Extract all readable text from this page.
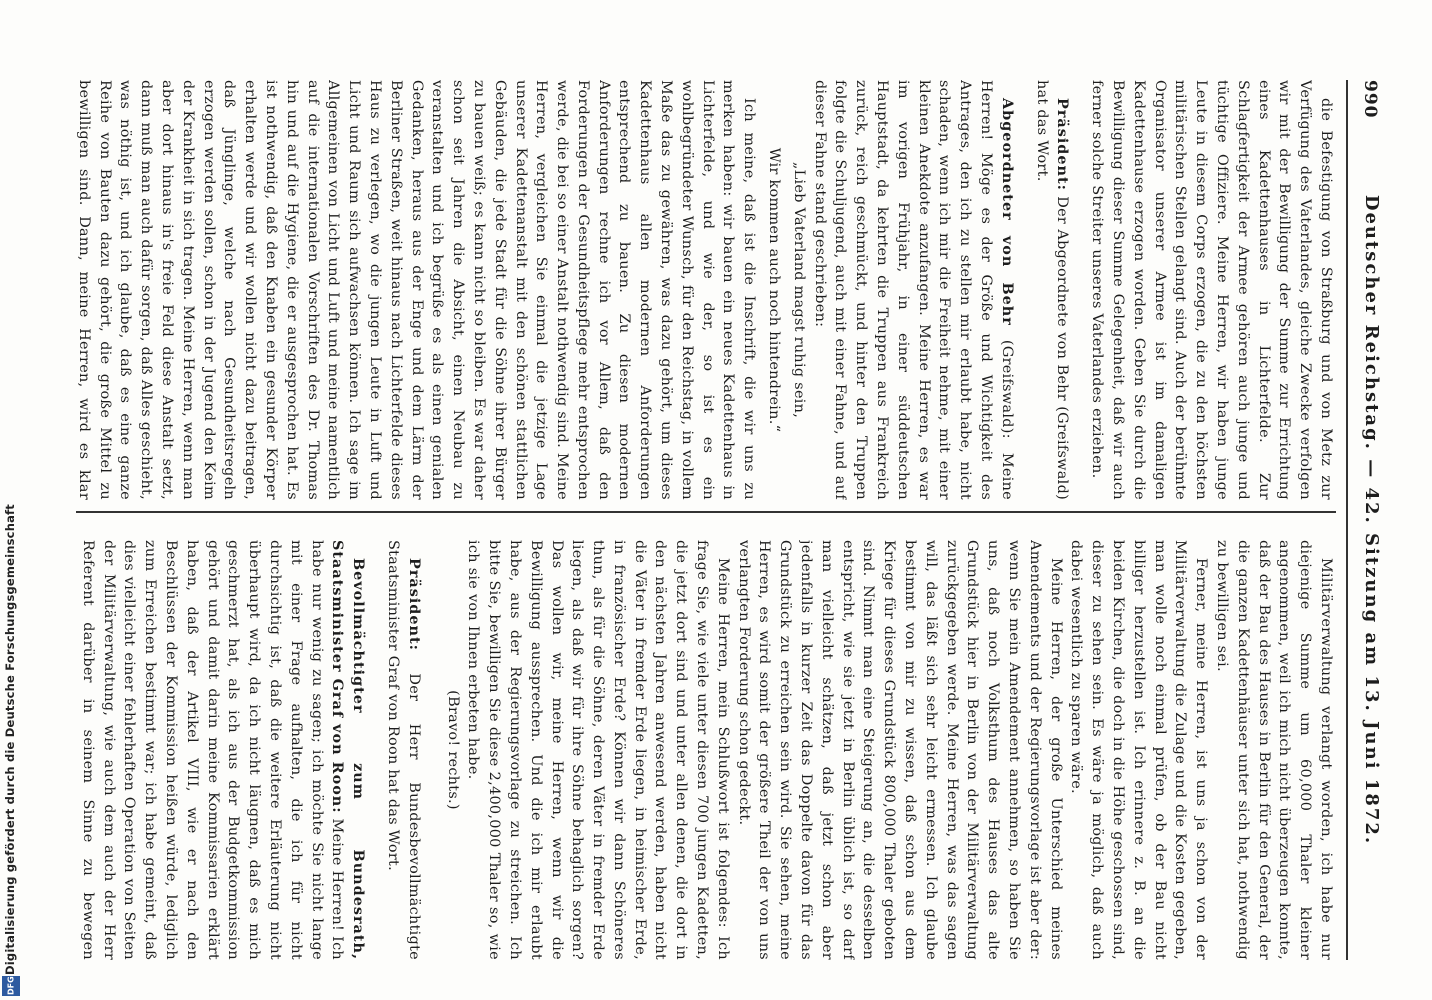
990
Deutscher Reichstag. — 42. Sitzung am 13. Juni 1872.

die Befestigung von Straßburg und von Metz zur Verfügung des Vaterlandes, gleiche Zwecke verfolgen wir mit der Bewilligung der Summe zur Errichtung eines Kadettenhauses in Lichterfelde. Zur Schlagfertigkeit der Armee gehören auch junge und tüchtige Offiziere. Meine Herren, wir haben junge Leute in diesem Corps erzogen, die zu den höchsten militärischen Stellen gelangt sind. Auch der berühmte Organisator unserer Armee ist im damaligen Kadettenhause erzogen worden. Geben Sie durch die Bewilligung dieser Summe Gelegenheit, daß wir auch ferner solche Streiter unseres Vaterlandes erziehen.

Präsident: Der Abgeordnete von Behr (Greifswald) hat das Wort.

Abgeordneter von Behr (Greifswald): Meine Herren! Möge es der Größe und Wichtigkeit des Antrages, den ich zu stellen mir erlaubt habe, nicht schaden, wenn ich mir die Freiheit nehme, mit einer kleinen Anekdote anzufangen. Meine Herren, es war im vorigen Frühjahr, in einer süddeutschen Hauptstadt, da kehrten die Truppen aus Frankreich zurück, reich geschmückt, und hinter den Truppen folgte die Schuljugend, auch mit einer Fahne, und auf dieser Fahne stand geschrieben:

„Lieb Vaterland magst ruhig sein,

Wir kommen auch noch hintendrein.“

Ich meine, daß ist die Inschrift, die wir uns zu merken haben: wir bauen ein neues Kadettenhaus in Lichterfelde, und wie der, so ist es ein wohlbegründeter Wunsch, für den Reichstag, in vollem Maße das zu gewähren, was dazu gehört, um dieses Kadettenhaus allen modernen Anforderungen entsprechend zu bauen. Zu diesen modernen Anforderungen rechne ich vor Allem, daß den Forderungen der Gesundheitspflege mehr entsprochen werde, die bei so einer Anstalt nothwendig sind. Meine Herren, vergleichen Sie einmal die jetzige Lage unserer Kadettenanstalt mit den schönen stattlichen Gebäuden, die jede Stadt für die Söhne ihrer Bürger zu bauen weiß; es kann nicht so bleiben. Es war daher schon seit Jahren die Absicht, einen Neubau zu veranstalten und ich begrüße es als einen genialen Gedanken, heraus aus der Enge und dem Lärm der Berliner Straßen, weit hinaus nach Lichterfelde dieses Haus zu verlegen, wo die jungen Leute in Luft und Licht und Raum sich aufwachsen können. Ich sage im Allgemeinen von Licht und Luft und meine namentlich auf die internationalen Vorschriften des Dr. Thomas hin und auf die Hygiene, die er ausgesprochen hat. Es ist nothwendig, daß den Knaben ein gesunder Körper erhalten werde und wir wollen nicht dazu beitragen, daß Jünglinge, welche nach Gesundheitsregeln erzogen werden sollen, schon in der Jugend den Keim der Krankheit in sich tragen. Meine Herren, wenn man aber dort hinaus in's freie Feld diese Anstalt setzt, dann muß man auch dafür sorgen, daß Alles geschieht, was nöthig ist, und ich glaube, daß es eine ganze Reihe von Bauten dazu gehört, die große Mittel zu bewilligen sind. Dann, meine Herren, wird es klar

Militärverwaltung verlangt worden, ich habe nur diejenige Summe um 60,000 Thaler kleiner angenommen, weil ich mich nicht überzeugen konnte, daß der Bau des Hauses in Berlin für den General, der die ganzen Kadettenhäuser unter sich hat, nothwendig zu bewilligen sei.

Ferner, meine Herren, ist uns ja schon von der Militärverwaltung die Zulage und die Kosten gegeben, man wolle noch einmal prüfen, ob der Bau nicht billiger herzustellen ist. Ich erinnere z. B. an die beiden Kirchen, die doch in die Höhe geschossen sind, dieser zu sehen sein. Es wäre ja möglich, daß auch dabei wesentlich zu sparen wäre.

Meine Herren, der große Unterschied meines Amendements und der Regierungsvorlage ist aber der: wenn Sie mein Amendement annehmen, so haben Sie uns, daß noch Volksthum des Hauses das alte Grundstück hier in Berlin von der Militärverwaltung zurückgegeben werde. Meine Herren, was das sagen will, das läßt sich sehr leicht ermessen. Ich glaube bestimmt von mir zu wissen, daß schon aus dem Kriege für dieses Grundstück 800,000 Thaler geboten sind. Nimmt man eine Steigerung an, die desselben entspricht, wie sie jetzt in Berlin üblich ist, so darf man vielleicht schätzen, daß jetzt schon aber jedenfalls in kurzer Zeit das Doppelte davon für das Grundstück zu erreichen sein wird. Sie sehen, meine Herren, es wird somit der größere Theil der von uns verlangten Forderung schon gedeckt.

Meine Herren, mein Schlußwort ist folgendes: Ich frage Sie, wie viele unter diesen 700 jungen Kadetten, die jetzt dort sind und unter allen denen, die dort in den nächsten Jahren anwesend werden, haben nicht die Väter in fremder Erde liegen, in heimischer Erde, in französischer Erde? Können wir dann Schöneres thun, als für die Söhne, deren Väter in fremder Erde liegen, als daß wir für ihre Söhne behaglich sorgen? Das wollen wir, meine Herren, wenn wir die Bewilligung aussprechen. Und die ich mir erlaubt habe, aus der Regierungsvorlage zu streichen. Ich bitte Sie, bewilligen Sie diese 2,400,000 Thaler so, wie ich sie von Ihnen erbeten habe.

(Bravo! rechts.)

Präsident: Der Herr Bundesbevollmächtigte Staatsminister Graf von Roon hat das Wort.

Bevollmächtigter zum Bundesrath, Staatsminister Graf von Roon: Meine Herren! Ich habe nur wenig zu sagen; ich möchte Sie nicht lange mit einer Frage aufhalten, die ich für nicht durchsichtig ist, daß die weitere Erläuterung nicht überhaupt wird, da ich nicht läugnen, daß es mich geschmerzt hat, als ich aus der Budgetkommission gehört und damit darin meine Kommissarien erklärt haben, daß der Artikel VIII, wie er nach den Beschlüssen der Kommission heißen würde, lediglich zum Erreichen bestimmt war; ich habe gemeint, daß dies vielleicht einer fehlerhaften Operation von Seiten der Militärverwaltung, wie auch dem auch der Herr Referent darüber in seinem Sinne zu bewegen

DFG
Digitalisierung gefördert durch die Deutsche Forschungsgemeinschaft
